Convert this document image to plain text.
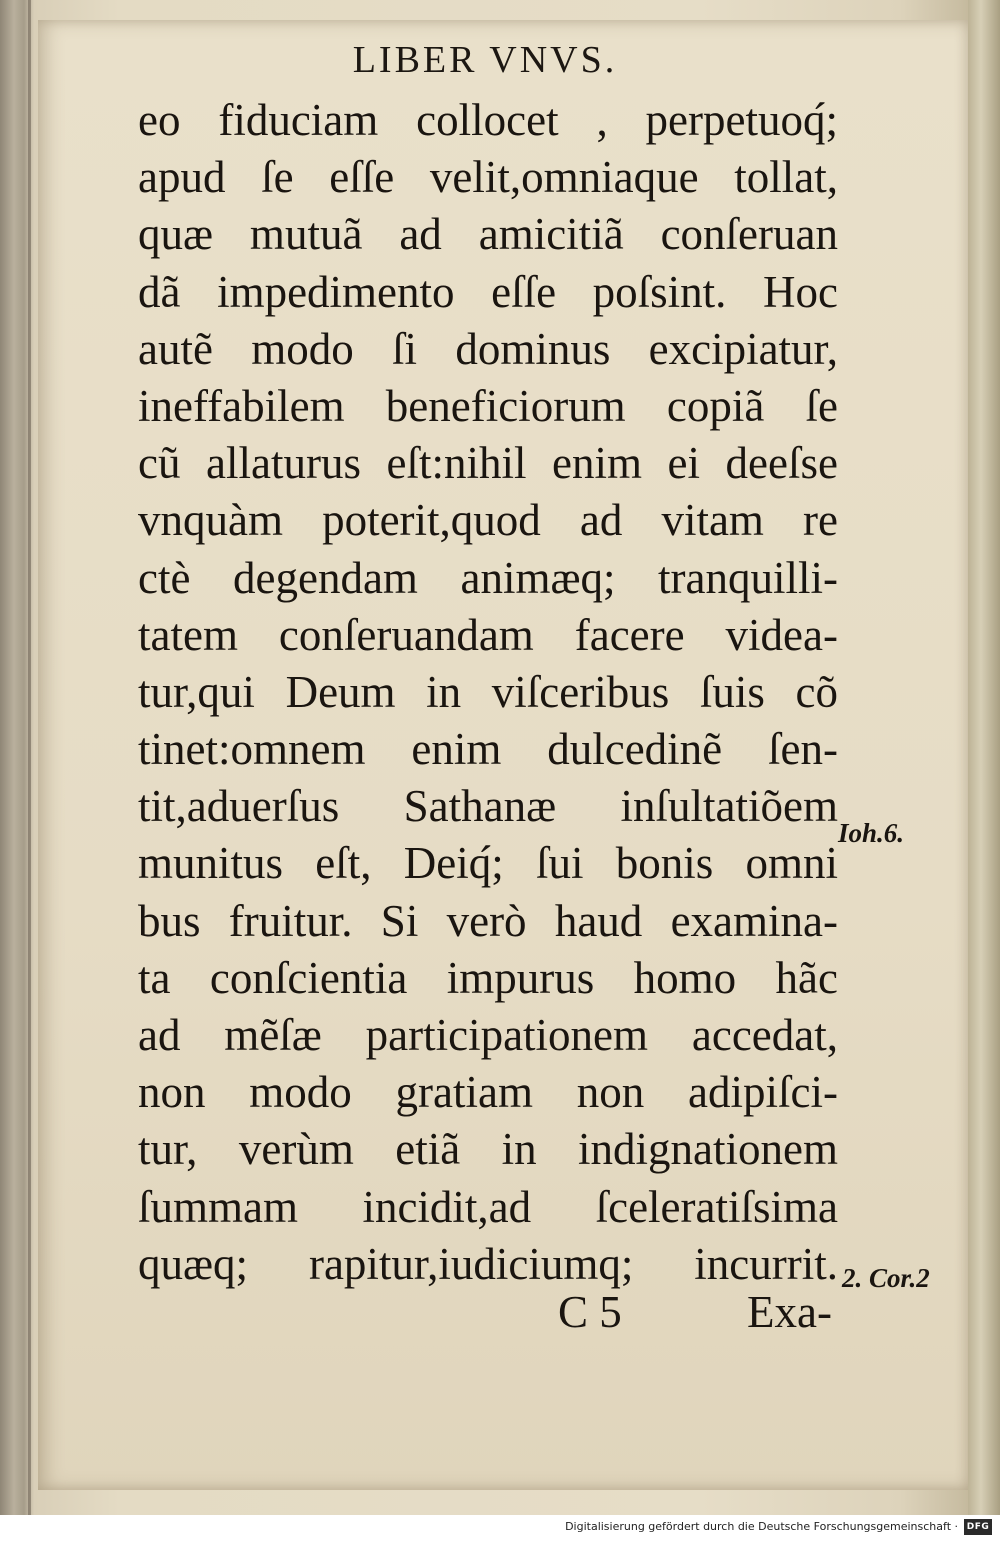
LIBER VNVS.
eo fiduciam collocet , perpetuoq́;
apud ſe eſſe velit,omniaque tollat,
quæ mutuã ad amicitiã conſeruan
dã impedimento eſſe poſsint. Hoc
autẽ modo ſi dominus excipiatur,
ineffabilem beneficiorum copiã ſe
cũ allaturus eſt:nihil enim ei deeſse
vnquàm poterit,quod ad vitam re
ctè degendam animæq; tranquilli-
tatem conſeruandam facere videa-
tur,qui Deum in viſceribus ſuis cõ
tinet:omnem enim dulcedinẽ ſen-
tit,aduerſus Sathanæ inſultatiõem
munitus eſt, Deiq́; ſui bonis omni
bus fruitur. Si verò haud examina-
ta conſcientia impurus homo hãc
ad mẽſæ participationem accedat,
non modo gratiam non adipiſci-
tur, verùm etiã in indignationem
ſummam incidit,ad ſceleratiſsima
quæq; rapitur,iudiciumq; incurrit.
Ioh.6.
2. Cor.2
C 5	Exa-
Digitalisierung gefördert durch die Deutsche Forschungsgemeinschaft · DFG
